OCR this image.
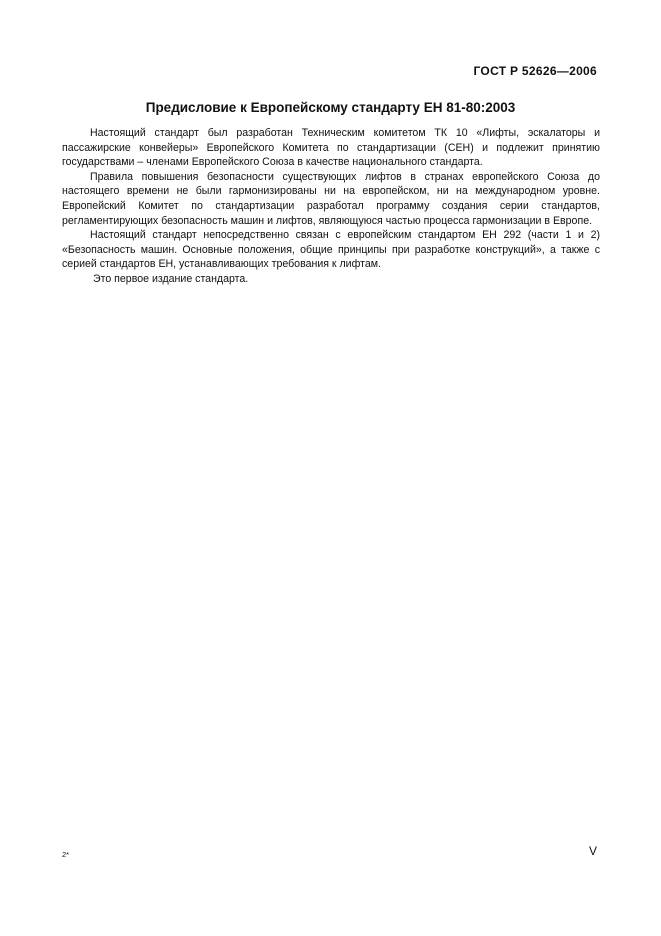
ГОСТ Р 52626—2006
Предисловие к Европейскому стандарту ЕН 81-80:2003

Настоящий стандарт был разработан Техническим комитетом ТК 10 «Лифты, эскалаторы и пассажирские конвейеры» Европейского Комитета по стандартизации (СЕН) и подлежит принятию государствами – членами Европейского Союза в качестве национального стандарта.

Правила повышения безопасности существующих лифтов в странах европейского Союза до настоящего времени не были гармонизированы ни на европейском, ни на международном уровне. Европейский Комитет по стандартизации разработал программу создания серии стандартов, регламентирующих безопасность машин и лифтов, являющуюся частью процесса гармонизации в Европе.

Настоящий стандарт непосредственно связан с европейским стандартом ЕН 292 (части 1 и 2) «Безопасность машин. Основные положения, общие принципы при разработке конструкций», а также с серией стандартов ЕН, устанавливающих требования к лифтам.

Это первое издание стандарта.

2*	V
